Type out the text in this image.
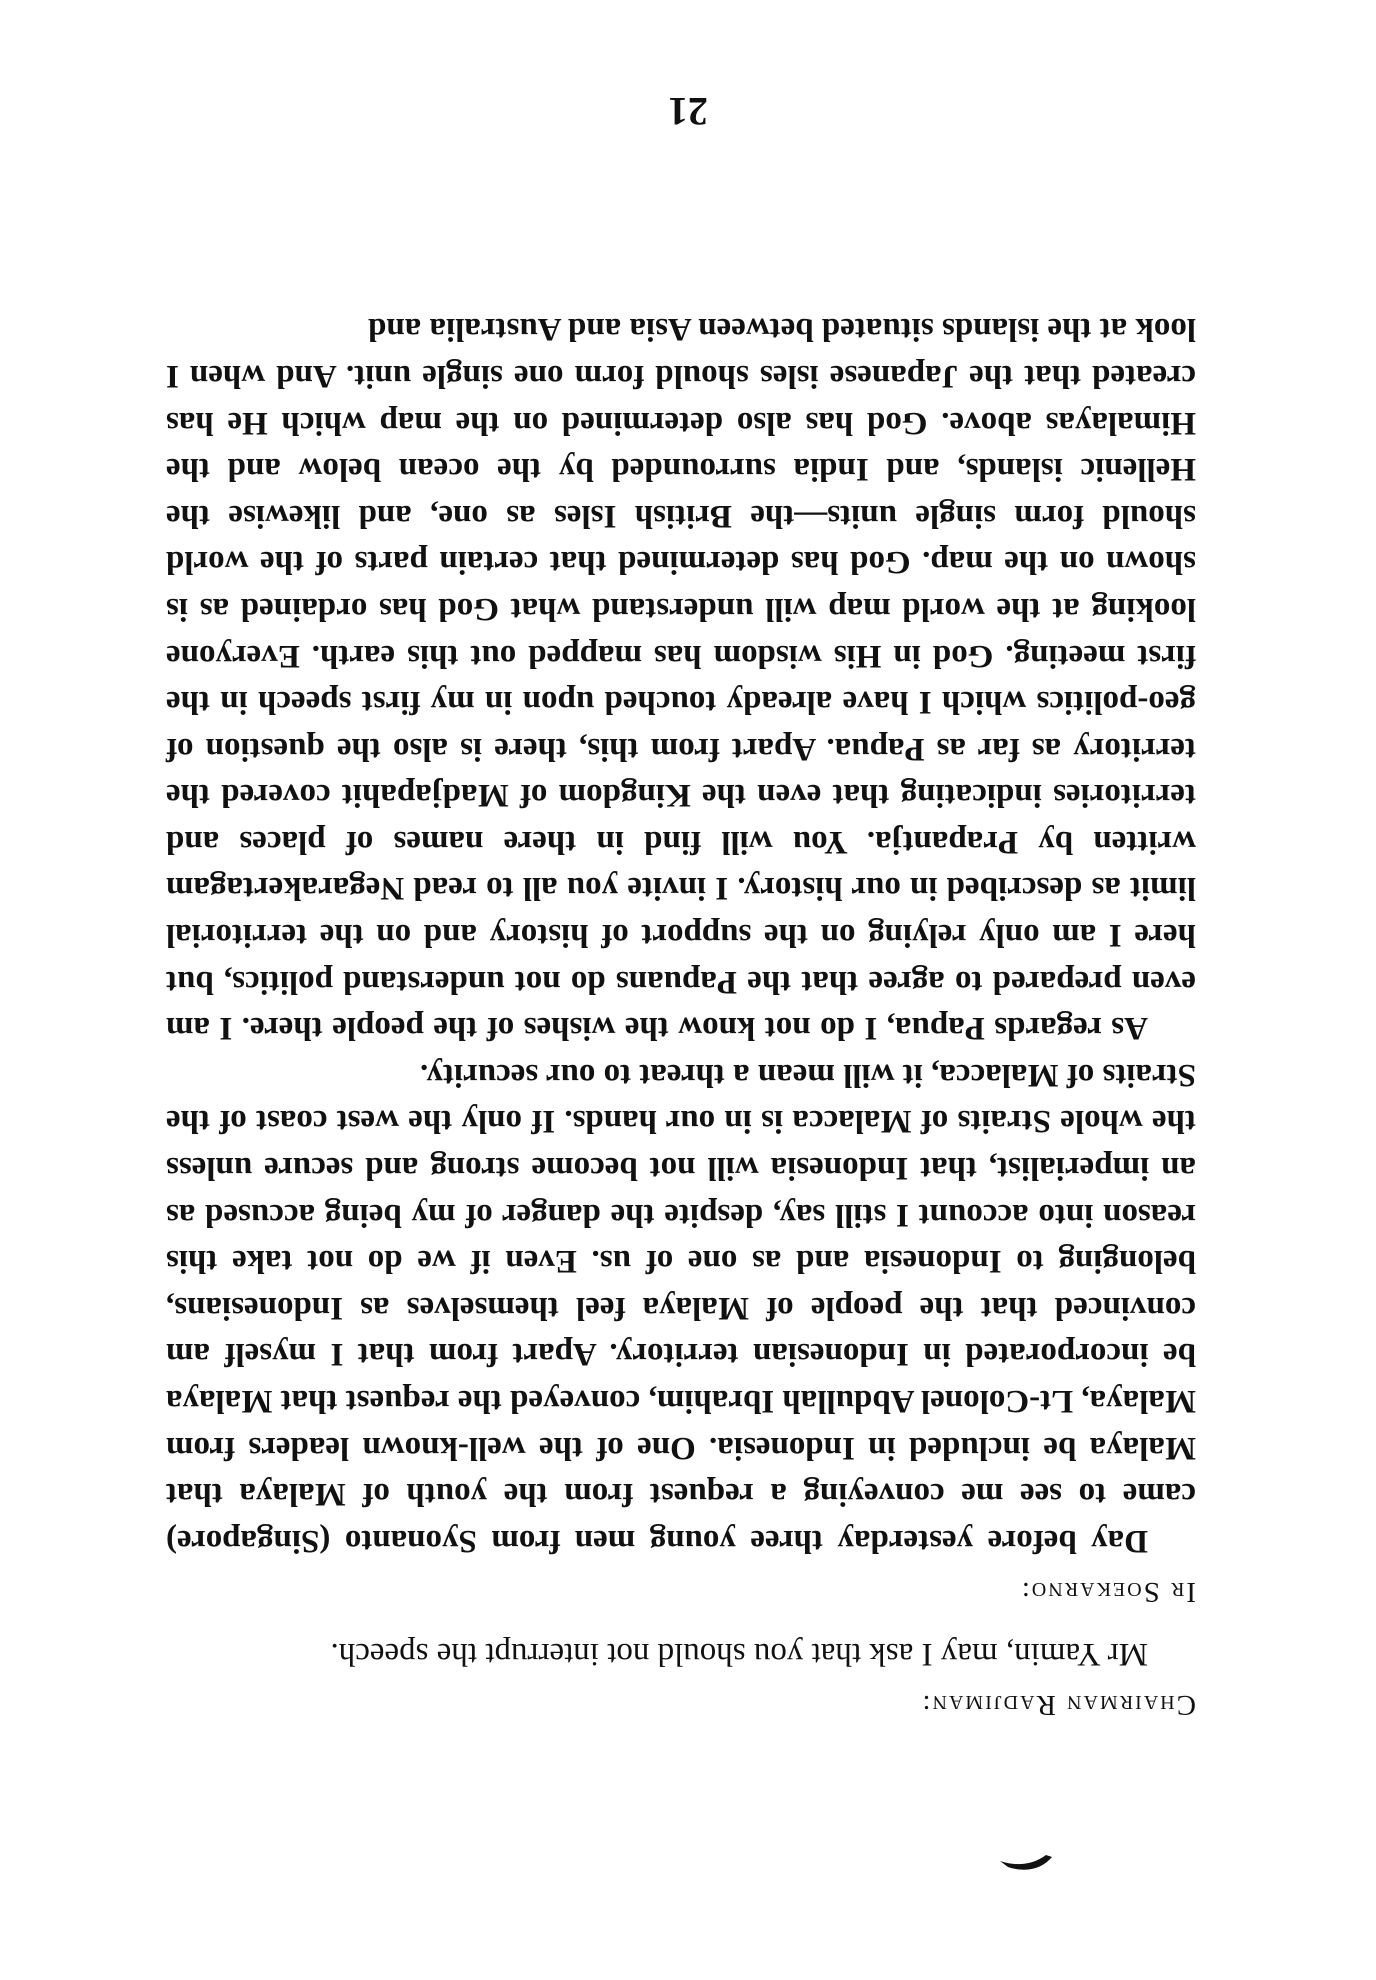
Chairman Radjiman:

Mr Yamin, may I ask that you should not interrupt the speech.

Ir Soekarno:

Day before yesterday three young men from Syonanto (Singapore) came to see me conveying a request from the youth of Malaya that Malaya be included in Indonesia. One of the well-known leaders from Malaya, Lt-Colonel Abdullah Ibrahim, conveyed the request that Malaya be incorporated in Indonesian territory. Apart from that I myself am convinced that the people of Malaya feel themselves as Indonesians, belonging to Indonesia and as one of us. Even if we do not take this reason into account I still say, despite the danger of my being accused as an imperialist, that Indonesia will not become strong and secure unless the whole Straits of Malacca is in our hands. If only the west coast of the Straits of Malacca, it will mean a threat to our security.

As regards Papua, I do not know the wishes of the people there. I am even prepared to agree that the Papuans do not understand politics, but here I am only relying on the support of history and on the territorial limit as described in our history. I invite you all to read Negarakertagam written by Prapantja. You will find in there names of places and territories indicating that even the Kingdom of Madjapahit covered the territory as far as Papua. Apart from this, there is also the question of geo-politics which I have already touched upon in my first speech in the first meeting. God in His wisdom has mapped out this earth. Everyone looking at the world map will understand what God has ordained as is shown on the map. God has determined that certain parts of the world should form single units—the British Isles as one, and likewise the Hellenic islands, and India surrounded by the ocean below and the Himalayas above. God has also determined on the map which He has created that the Japanese isles should form one single unit. And when I look at the islands situated between Asia and Australia and

21
